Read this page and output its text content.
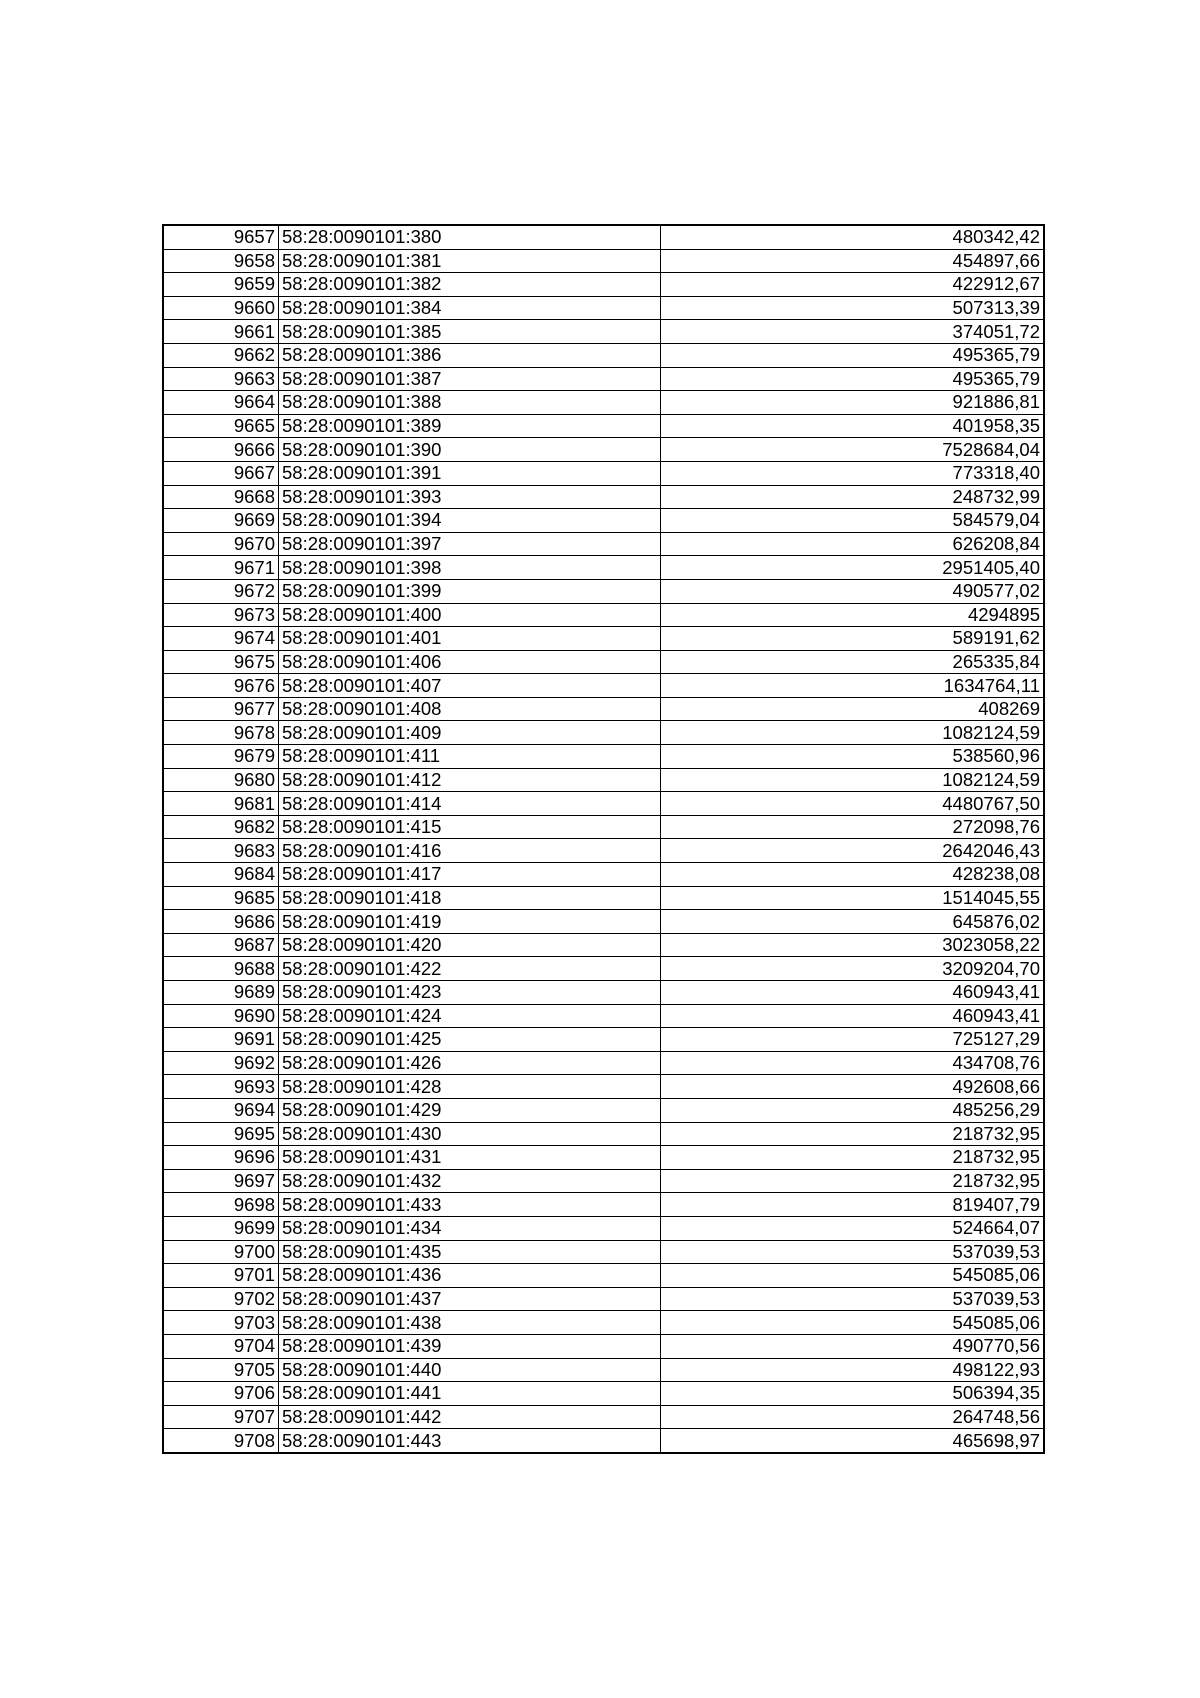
9657	58:28:0090101:380	480342,42
9658	58:28:0090101:381	454897,66
9659	58:28:0090101:382	422912,67
9660	58:28:0090101:384	507313,39
9661	58:28:0090101:385	374051,72
9662	58:28:0090101:386	495365,79
9663	58:28:0090101:387	495365,79
9664	58:28:0090101:388	921886,81
9665	58:28:0090101:389	401958,35
9666	58:28:0090101:390	7528684,04
9667	58:28:0090101:391	773318,40
9668	58:28:0090101:393	248732,99
9669	58:28:0090101:394	584579,04
9670	58:28:0090101:397	626208,84
9671	58:28:0090101:398	2951405,40
9672	58:28:0090101:399	490577,02
9673	58:28:0090101:400	4294895
9674	58:28:0090101:401	589191,62
9675	58:28:0090101:406	265335,84
9676	58:28:0090101:407	1634764,11
9677	58:28:0090101:408	408269
9678	58:28:0090101:409	1082124,59
9679	58:28:0090101:411	538560,96
9680	58:28:0090101:412	1082124,59
9681	58:28:0090101:414	4480767,50
9682	58:28:0090101:415	272098,76
9683	58:28:0090101:416	2642046,43
9684	58:28:0090101:417	428238,08
9685	58:28:0090101:418	1514045,55
9686	58:28:0090101:419	645876,02
9687	58:28:0090101:420	3023058,22
9688	58:28:0090101:422	3209204,70
9689	58:28:0090101:423	460943,41
9690	58:28:0090101:424	460943,41
9691	58:28:0090101:425	725127,29
9692	58:28:0090101:426	434708,76
9693	58:28:0090101:428	492608,66
9694	58:28:0090101:429	485256,29
9695	58:28:0090101:430	218732,95
9696	58:28:0090101:431	218732,95
9697	58:28:0090101:432	218732,95
9698	58:28:0090101:433	819407,79
9699	58:28:0090101:434	524664,07
9700	58:28:0090101:435	537039,53
9701	58:28:0090101:436	545085,06
9702	58:28:0090101:437	537039,53
9703	58:28:0090101:438	545085,06
9704	58:28:0090101:439	490770,56
9705	58:28:0090101:440	498122,93
9706	58:28:0090101:441	506394,35
9707	58:28:0090101:442	264748,56
9708	58:28:0090101:443	465698,97
